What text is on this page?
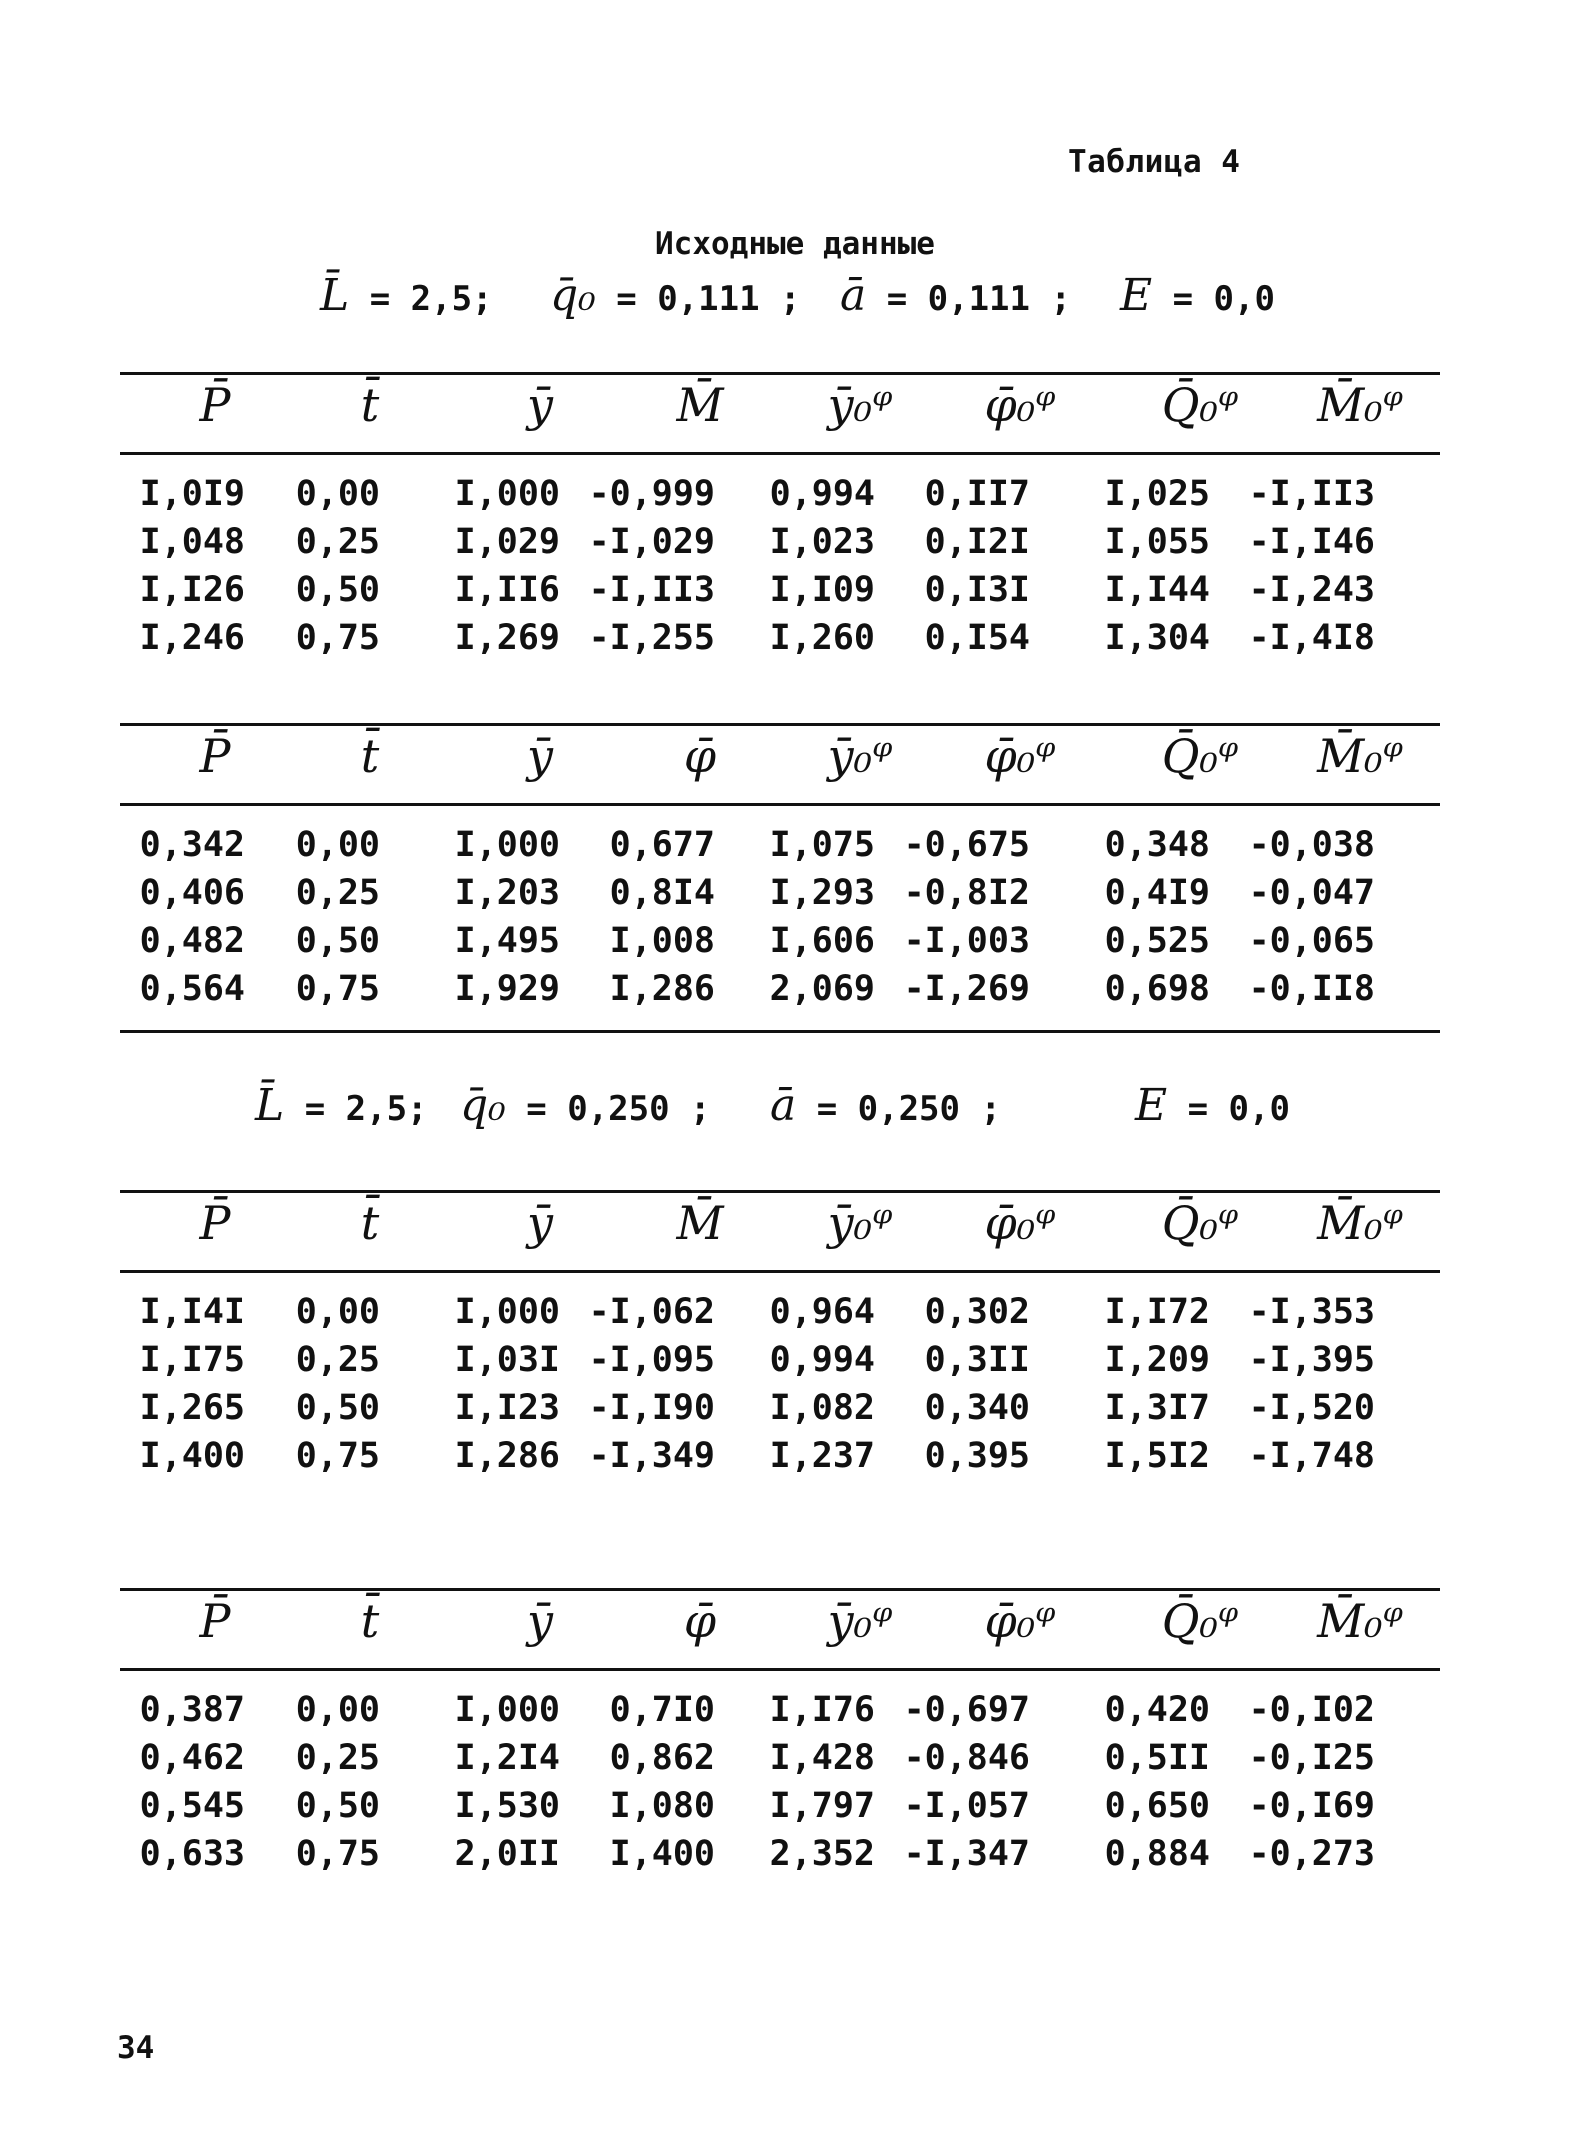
Таблица 4
Исходные данные
L̄ = 2,5; q̄₀ = 0,111 ; ā = 0,111 ; E = 0,0
L̄ = 2,5; q̄₀ = 0,250 ; ā = 0,250 ;	E = 0,0
P̄	t̄	ȳ	M̄	ȳ₀ᵠ	φ̄₀ᵠ	Q̄₀ᵠ	M̄₀ᵠ
I,0I9 0,00 I,000 -0,999 0,994 0,II7 I,025 -I,II3
I,048 0,25 I,029 -I,029 I,023 0,I2I I,055 -I,I46
I,I26 0,50 I,II6 -I,II3 I,I09 0,I3I I,I44 -I,243
I,246 0,75 I,269 -I,255 I,260 0,I54 I,304 -I,4I8
P̄	t̄	ȳ	φ̄	ȳ₀ᵠ	φ̄₀ᵠ	Q̄₀ᵠ	M̄₀ᵠ
0,342 0,00 I,000 0,677 I,075 -0,675 0,348 -0,038
0,406 0,25 I,203 0,8I4 I,293 -0,8I2 0,4I9 -0,047
0,482 0,50 I,495 I,008 I,606 -I,003 0,525 -0,065
0,564 0,75 I,929 I,286 2,069 -I,269 0,698 -0,II8
P̄	t̄	ȳ	M̄	ȳ₀ᵠ	φ̄₀ᵠ	Q̄₀ᵠ	M̄₀ᵠ
I,I4I 0,00 I,000 -I,062 0,964 0,302 I,I72 -I,353
I,I75 0,25 I,03I -I,095 0,994 0,3II I,209 -I,395
I,265 0,50 I,I23 -I,I90 I,082 0,340 I,3I7 -I,520
I,400 0,75 I,286 -I,349 I,237 0,395 I,5I2 -I,748
P̄	t̄	ȳ	φ̄	ȳ₀ᵠ	φ̄₀ᵠ	Q̄₀ᵠ	M̄₀ᵠ
0,387 0,00 I,000 0,7I0 I,I76 -0,697 0,420 -0,I02
0,462 0,25 I,2I4 0,862 I,428 -0,846 0,5II -0,I25
0,545 0,50 I,530 I,080 I,797 -I,057 0,650 -0,I69
0,633 0,75 2,0II I,400 2,352 -I,347 0,884 -0,273
34
